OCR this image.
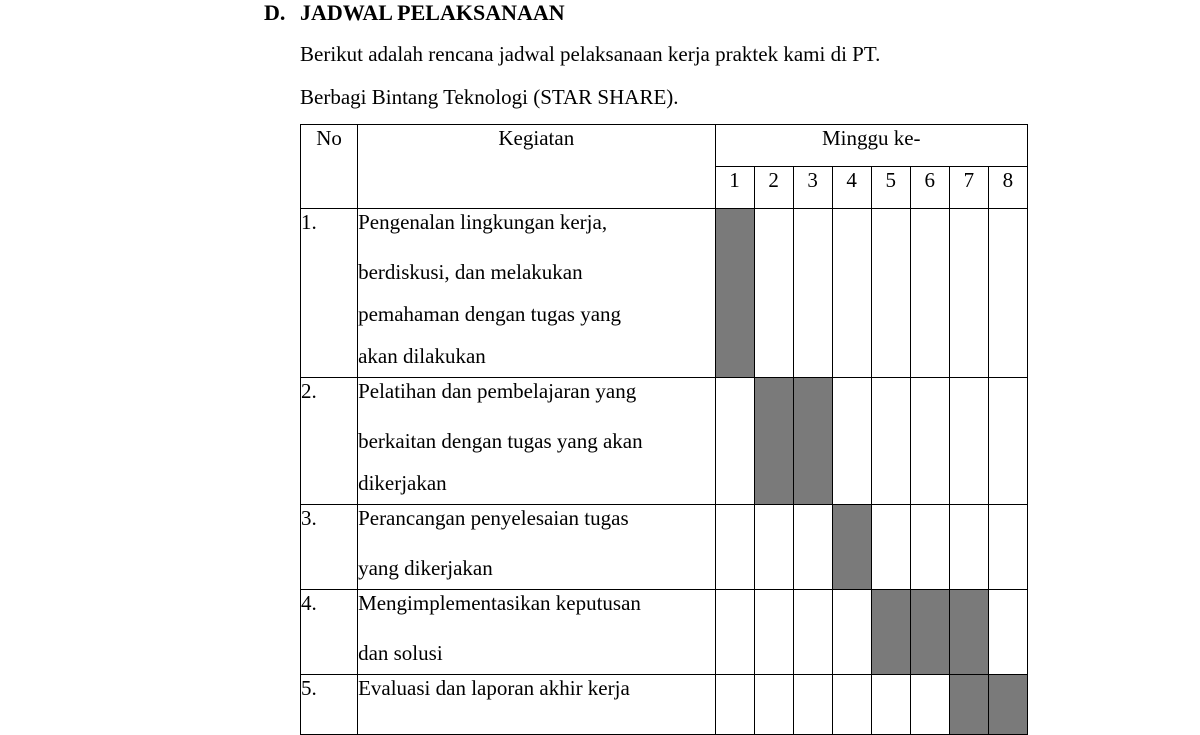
D. JADWAL PELAKSANAAN
Berikut adalah rencana jadwal pelaksanaan kerja praktek kami di PT.
Berbagi Bintang Teknologi (STAR SHARE).
No	Kegiatan	Minggu ke-							
		1	2	3	4	5	6	7	8
1.	Pengenalan lingkungan kerja,
berdiskusi, dan melakukan
pemahaman dengan tugas yang
akan dilakukan								

2.	Pelatihan dan pembelajaran yang
berkaitan dengan tugas yang akan
dikerjakan								

3.	Perancangan penyelesaian tugas
yang dikerjakan								

4.	Mengimplementasikan keputusan
dan solusi								

5.	Evaluasi dan laporan akhir kerja								
